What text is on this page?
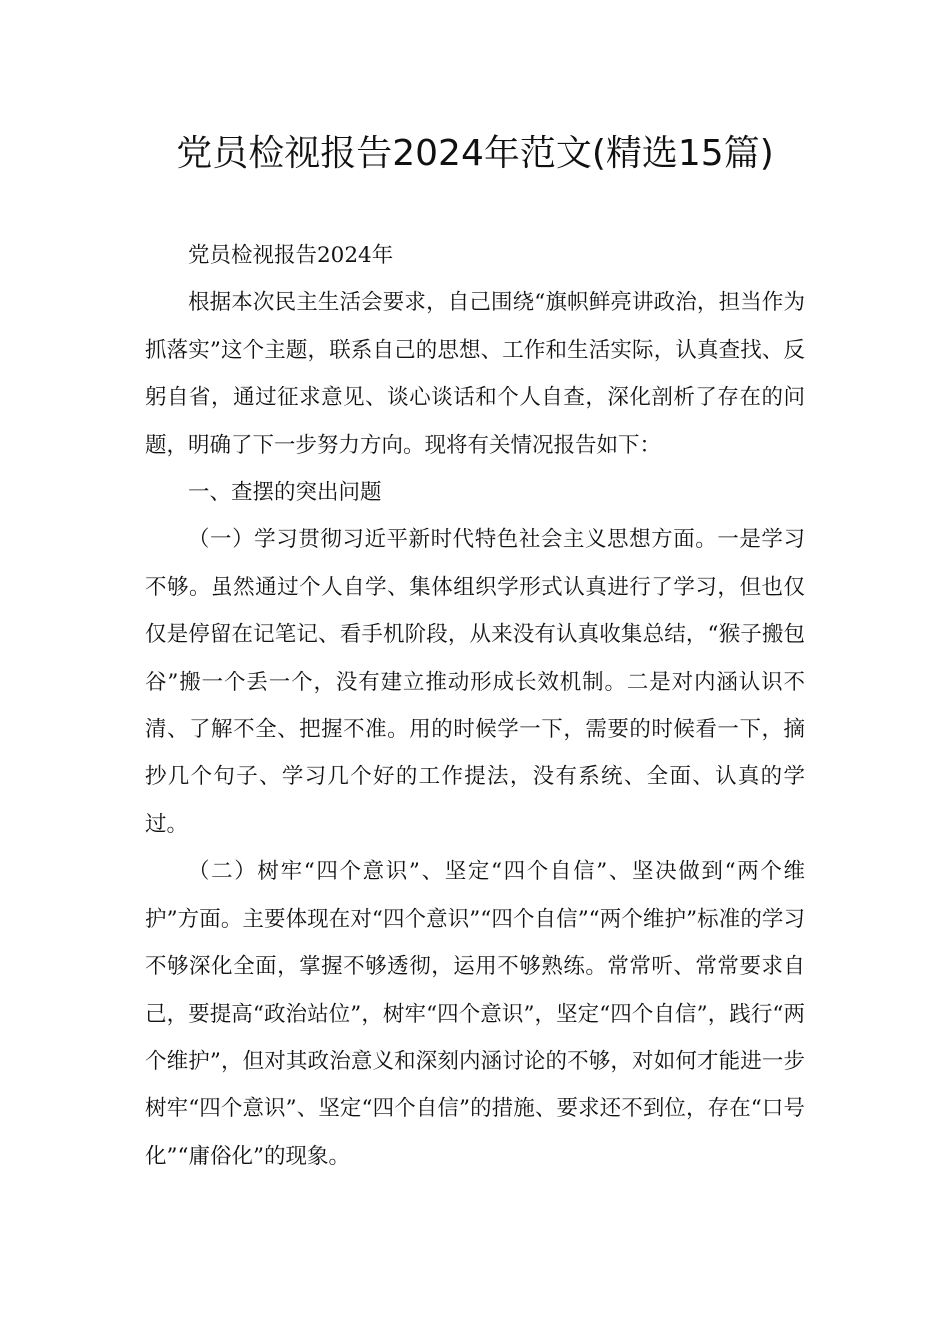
党员检视报告2024年范文(精选15篇)

党员检视报告2024年

根据本次民主生活会要求，自己围绕“旗帜鲜亮讲政治，担当作为抓落实”这个主题，联系自己的思想、工作和生活实际，认真查找、反躬自省，通过征求意见、谈心谈话和个人自查，深化剖析了存在的问题，明确了下一步努力方向。现将有关情况报告如下：

一、查摆的突出问题

（一）学习贯彻习近平新时代特色社会主义思想方面。一是学习不够。虽然通过个人自学、集体组织学形式认真进行了学习，但也仅仅是停留在记笔记、看手机阶段，从来没有认真收集总结，“猴子搬包谷”搬一个丢一个，没有建立推动形成长效机制。二是对内涵认识不清、了解不全、把握不准。用的时候学一下，需要的时候看一下，摘抄几个句子、学习几个好的工作提法，没有系统、全面、认真的学过。

（二）树牢“四个意识”、坚定“四个自信”、坚决做到“两个维护”方面。主要体现在对“四个意识”“四个自信”“两个维护”标准的学习不够深化全面，掌握不够透彻，运用不够熟练。常常听、常常要求自己，要提高“政治站位”，树牢“四个意识”，坚定“四个自信”，践行“两个维护”，但对其政治意义和深刻内涵讨论的不够，对如何才能进一步树牢“四个意识”、坚定“四个自信”的措施、要求还不到位，存在“口号化”“庸俗化”的现象。
